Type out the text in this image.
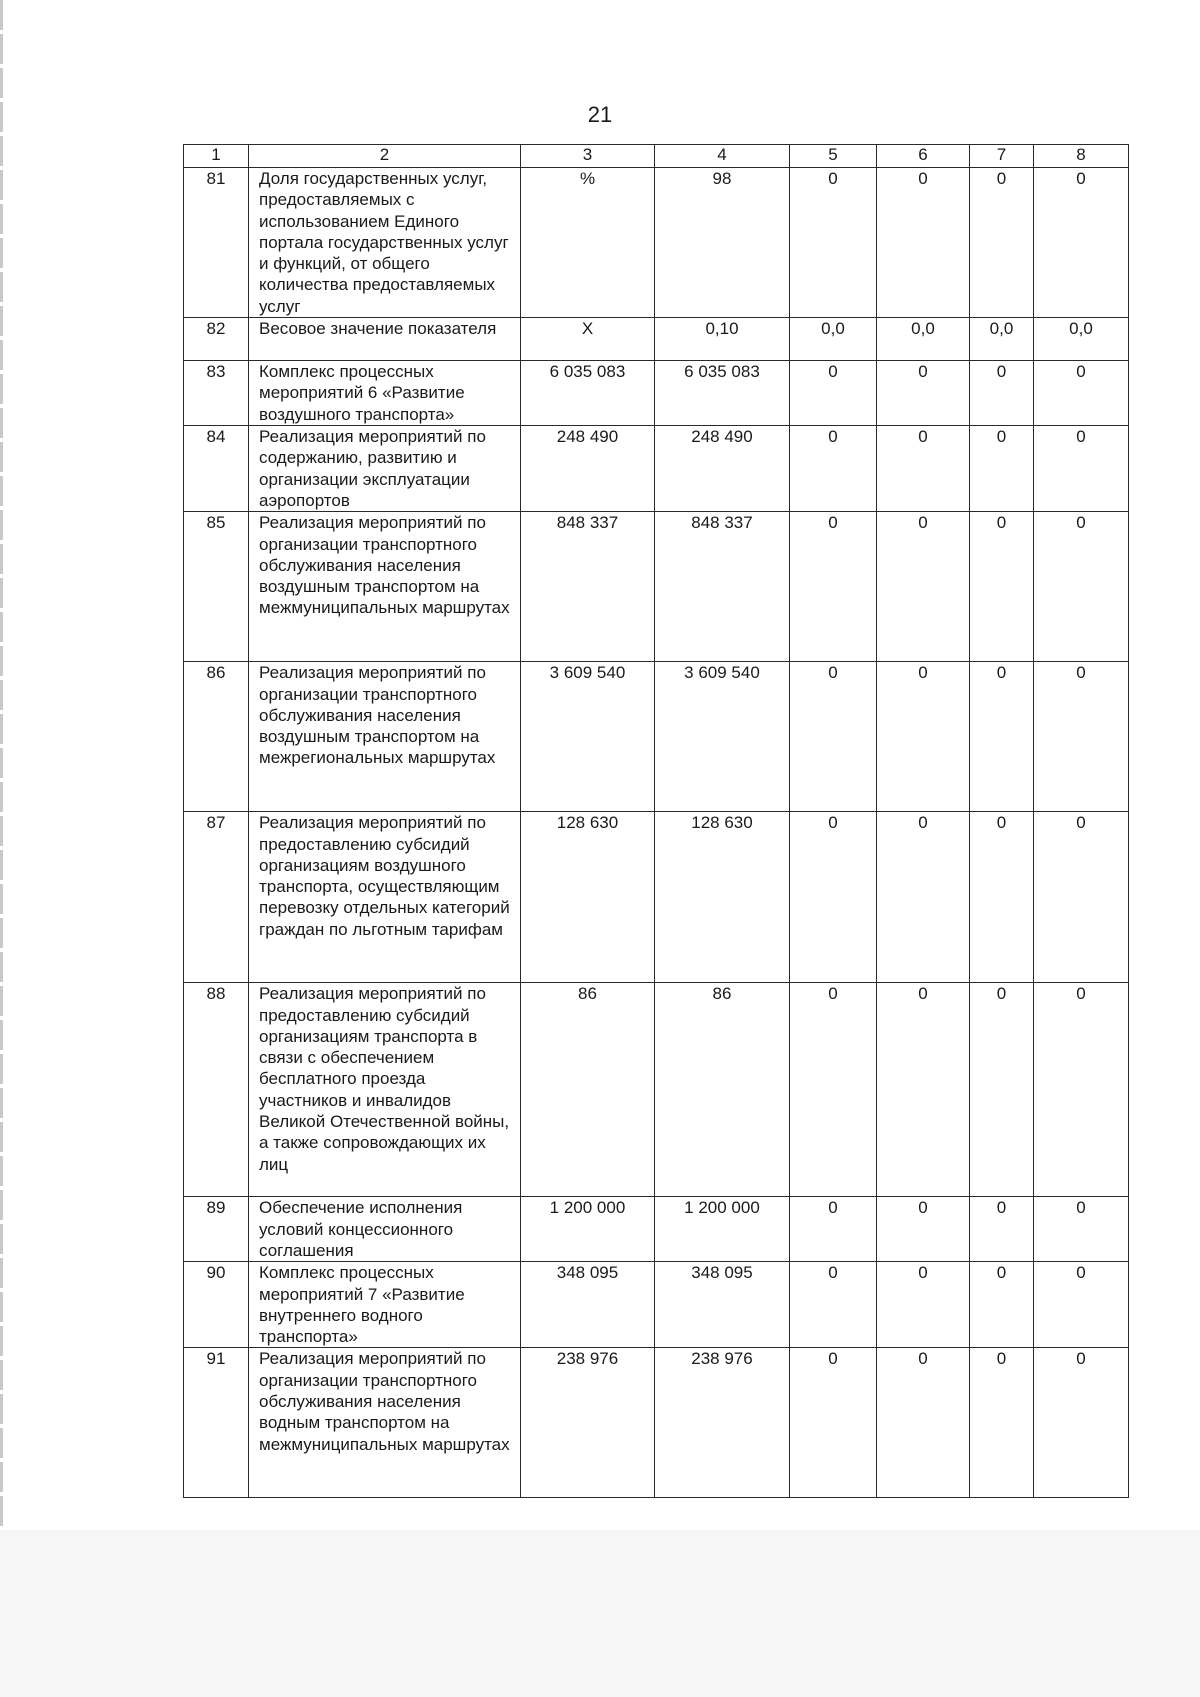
21
1	2	3	4	5	6	7	8
81	Доля государственных услуг, предоставляемых с использованием Единого портала государственных услуг и функций, от общего количества предоставляемых услуг	%	98	0	0	0	0
82	Весовое значение показателя	Х	0,10	0,0	0,0	0,0	0,0
83	Комплекс процессных мероприятий 6 «Развитие воздушного транспорта»	6 035 083	6 035 083	0	0	0	0
84	Реализация мероприятий по содержанию, развитию и организации эксплуатации аэропортов	248 490	248 490	0	0	0	0
85	Реализация мероприятий по организации транспортного обслуживания населения воздушным транспортом на межмуниципальных маршрутах	848 337	848 337	0	0	0	0
86	Реализация мероприятий по организации транспортного обслуживания населения воздушным транспортом на межрегиональных маршрутах	3 609 540	3 609 540	0	0	0	0
87	Реализация мероприятий по предоставлению субсидий организациям воздушного транспорта, осуществляющим перевозку отдельных категорий граждан по льготным тарифам	128 630	128 630	0	0	0	0
88	Реализация мероприятий по предоставлению субсидий организациям транспорта в связи с обеспечением бесплатного проезда участников и инвалидов Великой Отечественной войны, а также сопровождающих их лиц	86	86	0	0	0	0
89	Обеспечение исполнения условий концессионного соглашения	1 200 000	1 200 000	0	0	0	0
90	Комплекс процессных мероприятий 7 «Развитие внутреннего водного транспорта»	348 095	348 095	0	0	0	0
91	Реализация мероприятий по организации транспортного обслуживания населения водным транспортом на межмуниципальных маршрутах	238 976	238 976	0	0	0	0
